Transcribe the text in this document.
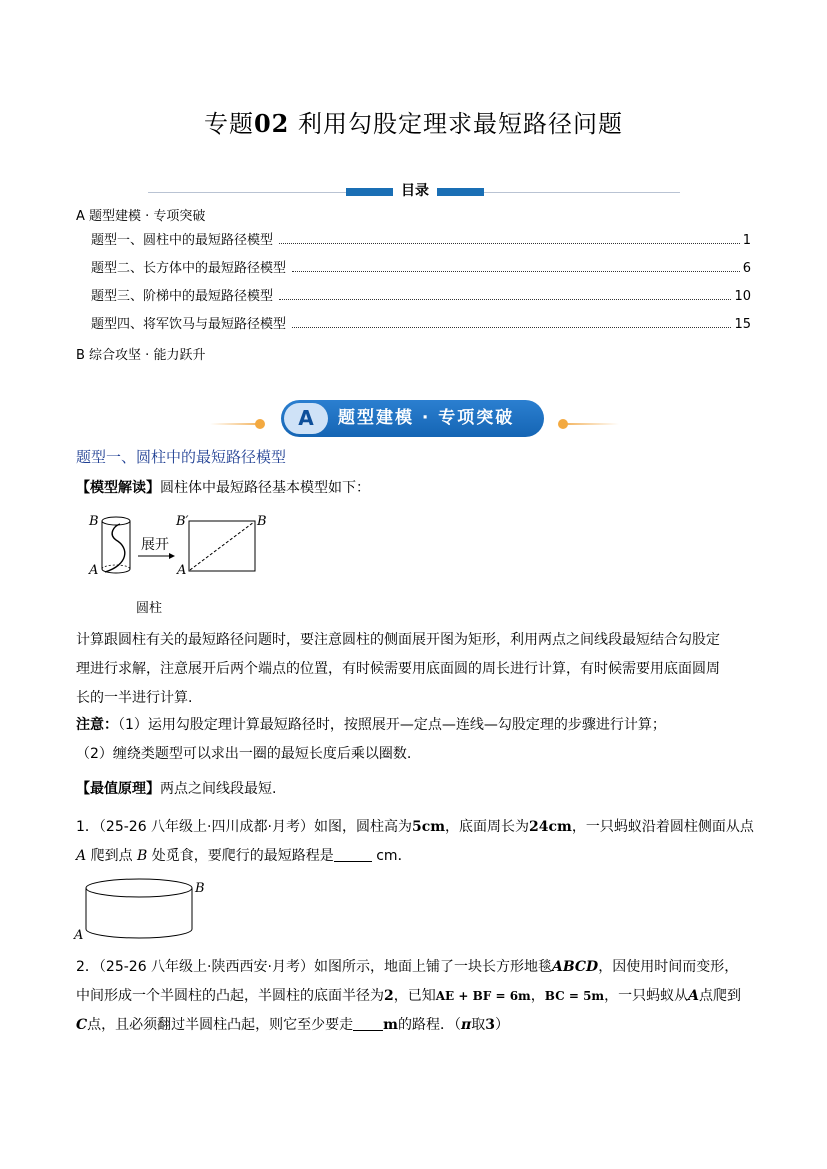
专题02 利用勾股定理求最短路径问题
目录
A 题型建模 · 专项突破
题型一、圆柱中的最短路径模型	1
题型二、长方体中的最短路径模型	6
题型三、阶梯中的最短路径模型	10
题型四、将军饮马与最短路径模型	15
B 综合攻坚 · 能力跃升
A	题型建模 · 专项突破
题型一、圆柱中的最短路径模型
【模型解读】圆柱体中最短路径基本模型如下：
B
A
展开
B′	B
A
圆柱
计算跟圆柱有关的最短路径问题时，要注意圆柱的侧面展开图为矩形，利用两点之间线段最短结合勾股定
理进行求解，注意展开后两个端点的位置，有时候需要用底面圆的周长进行计算，有时候需要用底面圆周
长的一半进行计算.
注意：（1）运用勾股定理计算最短路径时，按照展开—定点—连线—勾股定理的步骤进行计算；
（2）缠绕类题型可以求出一圈的最短长度后乘以圈数.
【最值原理】两点之间线段最短.
1．（25-26 八年级上·四川成都·月考）如图，圆柱高为5cm，底面周长为24cm，一只蚂蚁沿着圆柱侧面从点
A 爬到点 B 处觅食，要爬行的最短路程是	cm．
B
A
2．（25-26 八年级上·陕西西安·月考）如图所示，地面上铺了一块长方形地毯ABCD，因使用时间而变形，
中间形成一个半圆柱的凸起，半圆柱的底面半径为2，已知AE + BF = 6m，BC = 5m，一只蚂蚁从A点爬到
C点，且必须翻过半圆柱凸起，则它至少要走 m的路程．（π取3）
